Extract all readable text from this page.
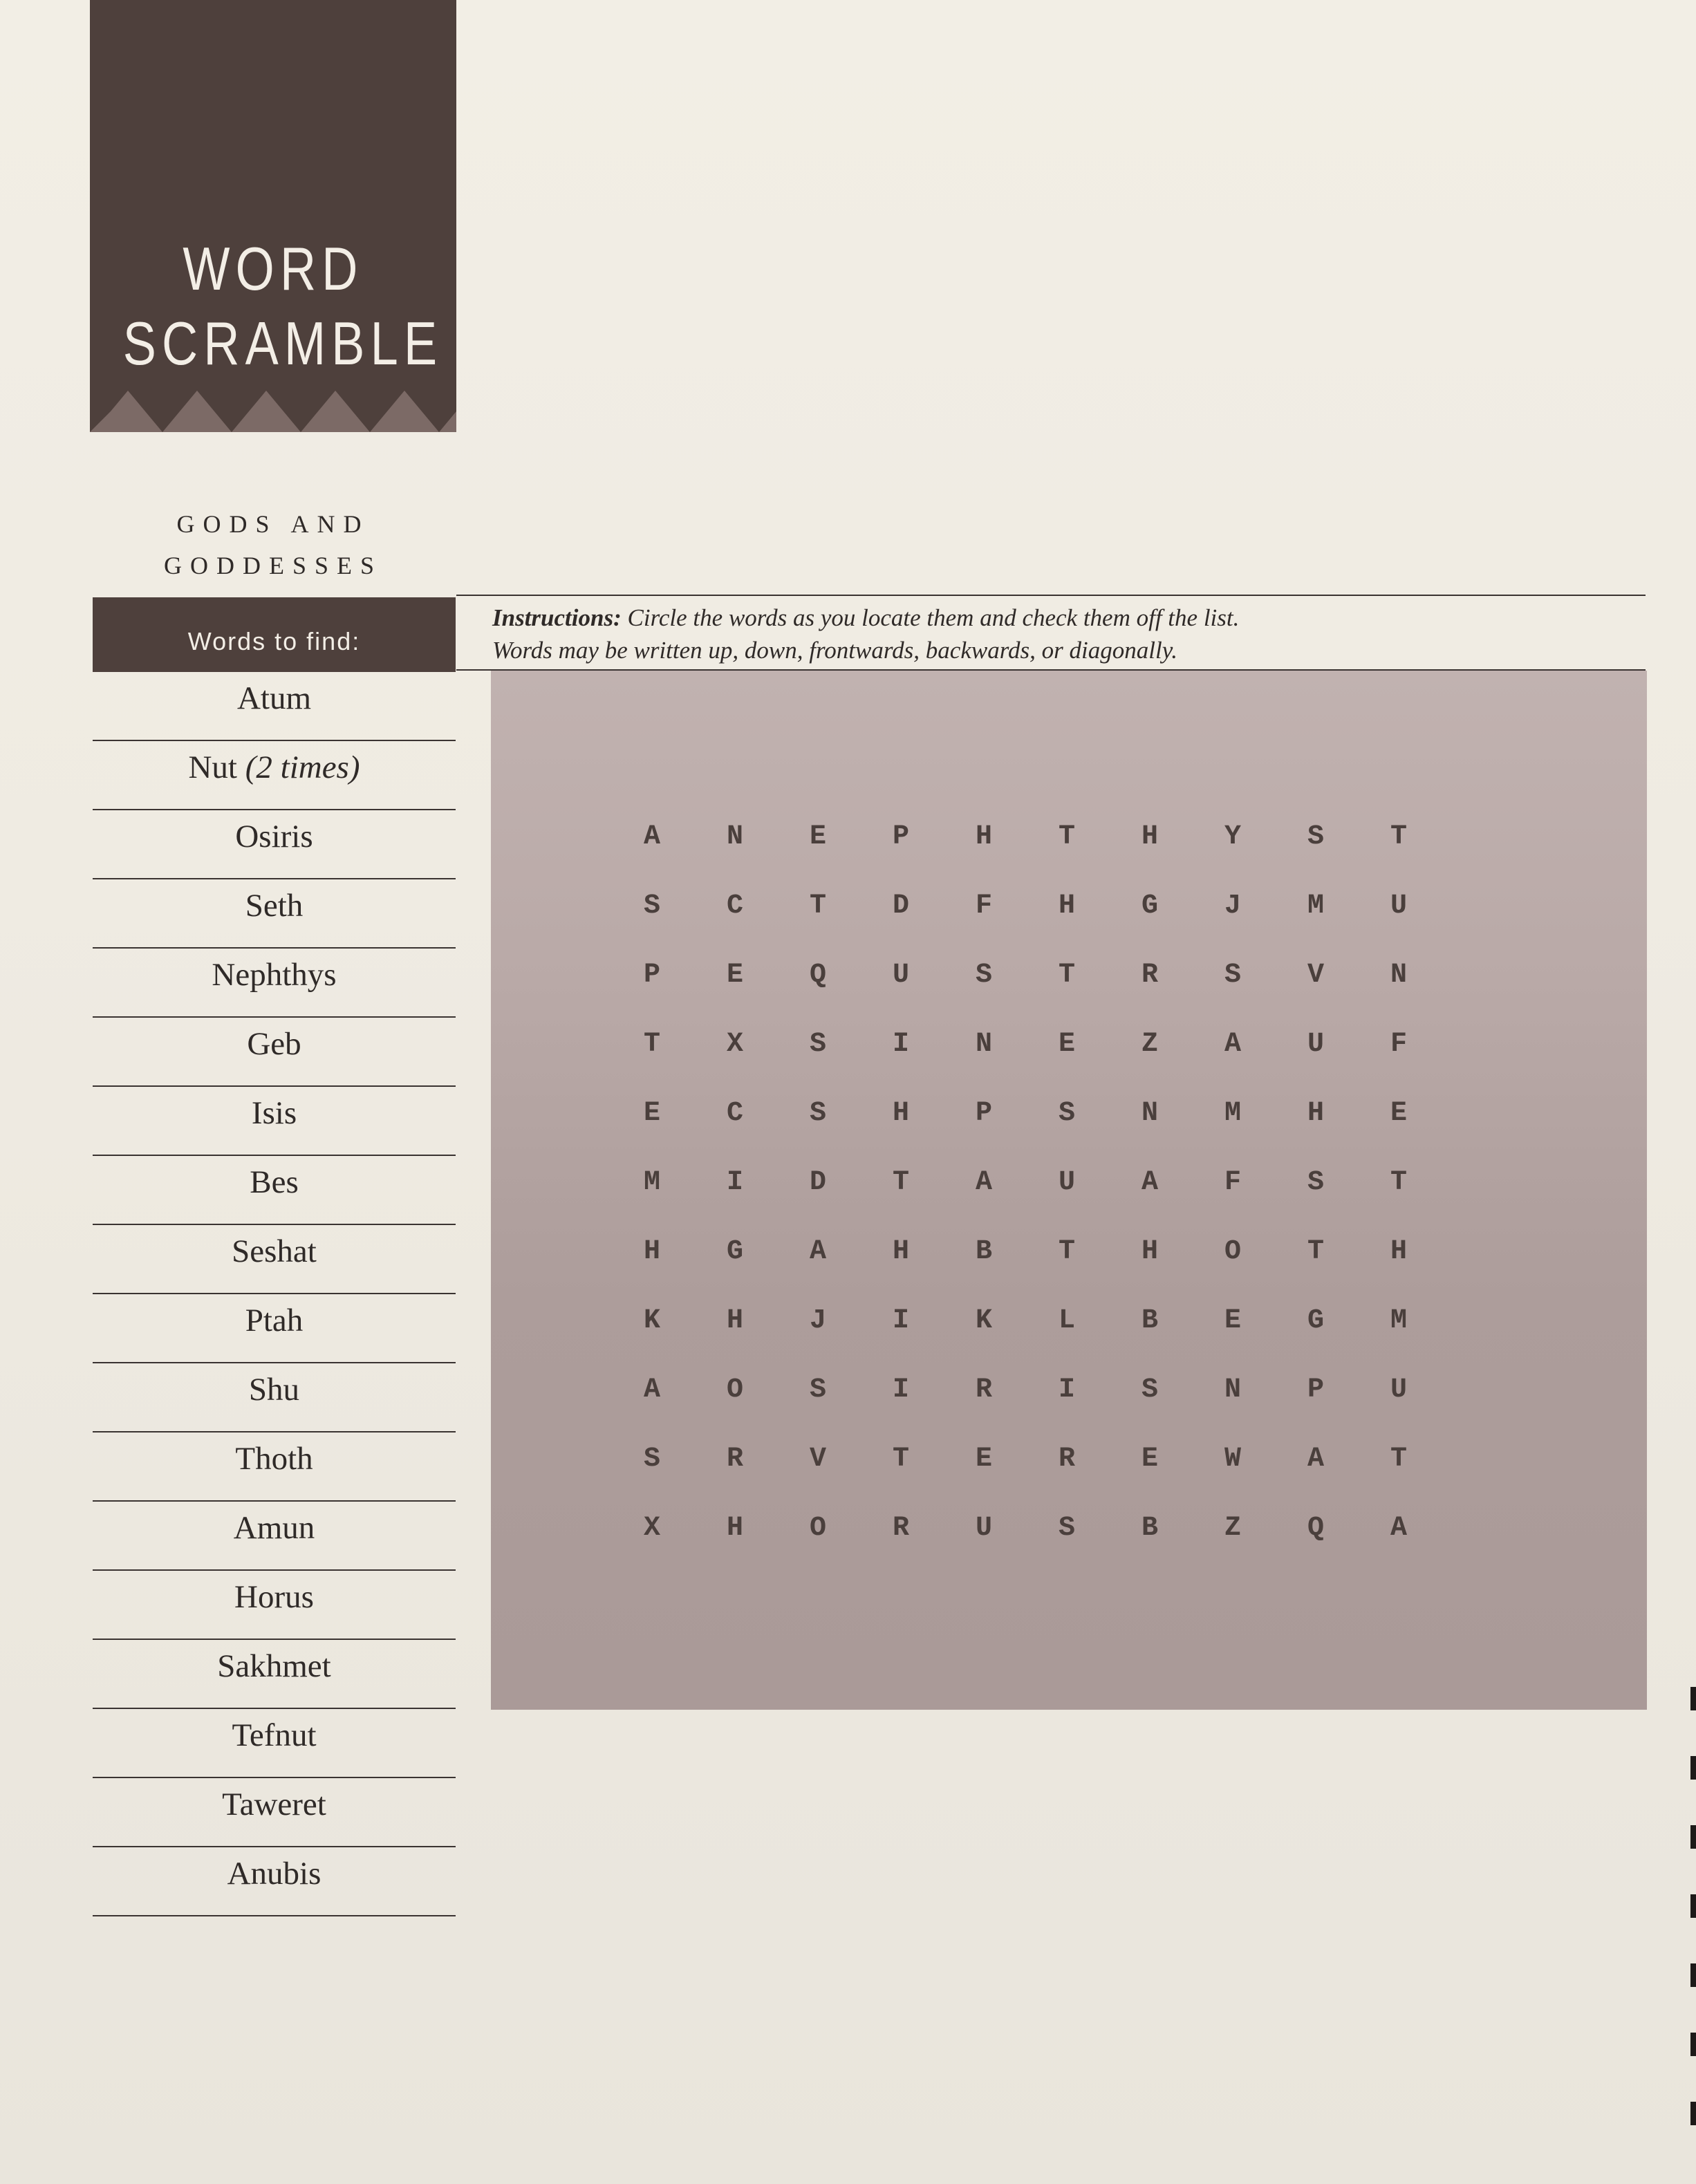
WORD
SCRAMBLE
GODS AND
GODDESSES
Words to find:
Instructions: Circle the words as you locate them and check them off the list.
Words may be written up, down, frontwards, backwards, or diagonally.
Atum
Nut (2 times)
Osiris
Seth
Nephthys
Geb
Isis
Bes
Seshat
Ptah
Shu
Thoth
Amun
Horus
Sakhmet
Tefnut
Taweret
Anubis
A	N	E	P	H	T	H	Y	S	T
S	C	T	D	F	H	G	J	M	U
P	E	Q	U	S	T	R	S	V	N
T	X	S	I	N	E	Z	A	U	F
E	C	S	H	P	S	N	M	H	E
M	I	D	T	A	U	A	F	S	T
H	G	A	H	B	T	H	O	T	H
K	H	J	I	K	L	B	E	G	M
A	O	S	I	R	I	S	N	P	U
S	R	V	T	E	R	E	W	A	T
X	H	O	R	U	S	B	Z	Q	A
